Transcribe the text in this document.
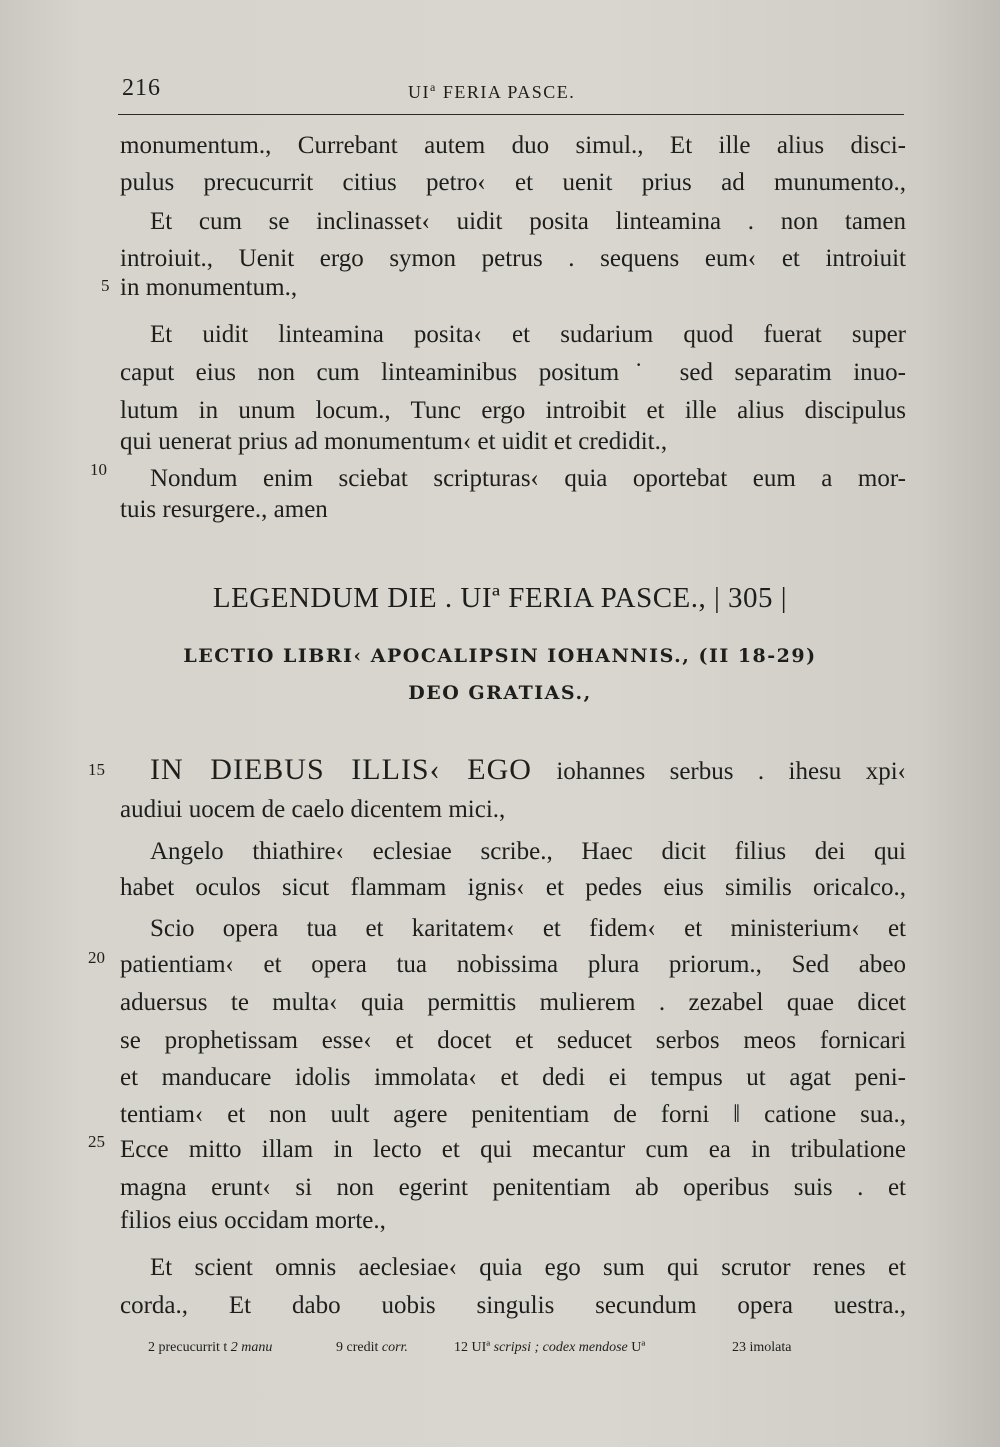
216	$UI^a$ FERIA PASCE.
monumentum., Currebant autem duo simul., Et ille alius disci-
pulus precucurrit citius petro‹ et uenit prius ad munumento.,
Et cum se inclinasset‹ uidit posita linteamina . non tamen
introiuit., Uenit ergo symon petrus . sequens eum‹ et introiuit
5 in monumentum.,
Et uidit linteamina posita‹ et sudarium quod fuerat super
caput eius non cum linteaminibus positum˙ sed separatim inuo-
lutum in unum locum., Tunc ergo introibit et ille alius discipulus
qui uenerat prius ad monumentum‹ et uidit et credidit.,
10	Nondum enim sciebat scripturas‹ quia oportebat eum a mor-
tuis resurgere., amen
LEGENDUM DIE . UIª FERIA PASCE., | 305 |
LECTIO LIBRI‹ APOCALIPSIN IOHANNIS., (II 18-29)
DEO GRATIAS.,
15	IN DIEBUS ILLIS‹ EGO iohannes serbus . ihesu xpi‹
audiui uocem de caelo dicentem mici.,
Angelo thiathire‹ eclesiae scribe., Haec dicit filius dei qui
habet oculos sicut flammam ignis‹ et pedes eius similis oricalco.,
Scio opera tua et karitatem‹ et fidem‹ et ministerium‹ et
20 patientiam‹ et opera tua nobissima plura priorum., Sed abeo
aduersus te multa‹ quia permittis mulierem . zezabel quae dicet
se prophetissam esse‹ et docet et seducet serbos meos fornicari
et manducare idolis immolata‹ et dedi ei tempus ut agat peni-
tentiam‹ et non uult agere penitentiam de forni ‖ catione sua.,
25 Ecce mitto illam in lecto et qui mecantur cum ea in tribulatione
magna erunt‹ si non egerint penitentiam ab operibus suis . et
filios eius occidam morte.,
Et scient omnis aeclesiae‹ quia ego sum qui scrutor renes et
corda., Et dabo uobis singulis secundum opera uestra.,
2 precucurrit t 2 manu	9 credit corr.	12 UIª scripsi ; codex mendose Uª	23 imolata
